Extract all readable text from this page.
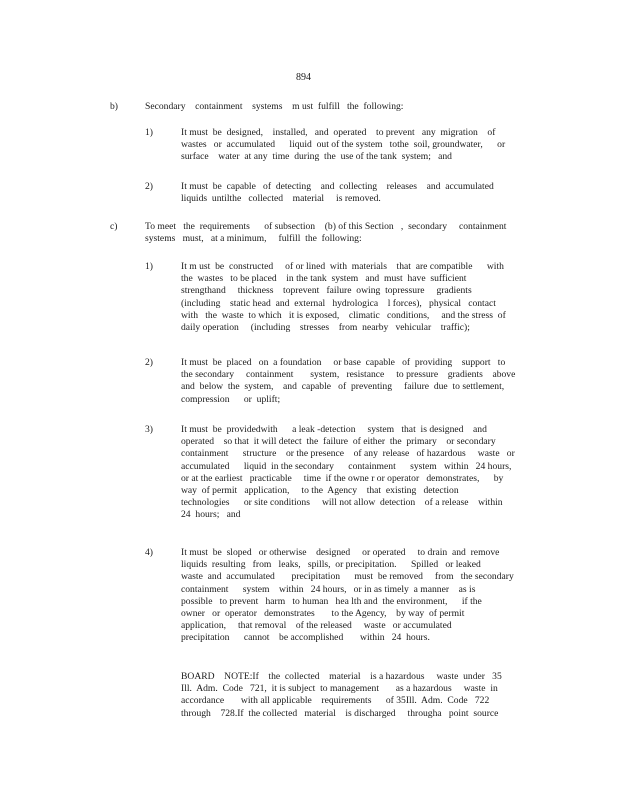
894
b)	Secondary    containment    systems    m ust  fulfill   the  following:
1)	It must  be  designed,    installed,   and  operated    to prevent   any  migration    of
wastes   or  accumulated      liquid  out of the system   tothe  soil, groundwater,      or
surface    water  at any  time  during  the  use of the tank  system;   and
2)	It must  be  capable   of  detecting    and  collecting    releases    and  accumulated
liquids  untilthe   collected    material     is removed.
c)	To meet   the  requirements      of subsection    (b) of this Section   ,  secondary     containment
systems   must,   at a minimum,     fulfill  the  following:
1)	It m ust  be  constructed     of or lined  with  materials    that  are compatible      with
the  wastes   to be placed    in the tank  system   and  must  have  sufficient
strengthand     thickness    toprevent   failure  owing  topressure     gradients
(including    static head  and  external   hydrologica    l forces),   physical   contact
with   the  waste  to which   it is exposed,    climatic   conditions,     and the stress  of
daily operation     (including    stresses    from  nearby   vehicular    traffic);
2)	It must  be  placed   on  a foundation     or base  capable   of  providing    support   to
the secondary     containment       system,   resistance     to pressure    gradients    above
and  below  the  system,    and  capable   of  preventing     failure  due  to settlement,
compression      or  uplift;
3)	It must  be  providedwith      a leak -detection     system   that  is designed    and
operated    so that  it will detect  the  failure  of either  the  primary    or secondary
containment      structure    or the presence    of any  release   of hazardous     waste   or
accumulated      liquid  in the secondary      containment      system   within   24 hours,
or at the earliest   practicable     time  if the owne r or operator   demonstrates,      by
way  of permit   application,     to the  Agency    that  existing   detection
technologies      or site conditions     will not allow  detection    of a release    within
24  hours;   and
4)	It must  be  sloped   or otherwise    designed     or operated     to drain  and  remove
liquids  resulting   from   leaks,   spills,  or precipitation.      Spilled   or leaked
waste  and  accumulated       precipitation      must  be removed     from   the secondary
containment      system    within   24 hours,   or in as timely  a manner    as is
possible   to prevent   harm   to human   hea lth and  the environment,      if the
owner   or  operator   demonstrates       to the Agency,    by way  of permit
application,     that removal    of the released     waste   or accumulated
precipitation      cannot    be accomplished       within   24  hours.
BOARD    NOTE:If    the  collected    material    is a hazardous     waste  under   35
Ill.  Adm.  Code   721,  it is subject  to management       as a hazardous     waste  in
accordance       with all applicable    requirements      of 35Ill.  Adm.  Code   722
through    728.If  the collected   material    is discharged     througha   point  source
